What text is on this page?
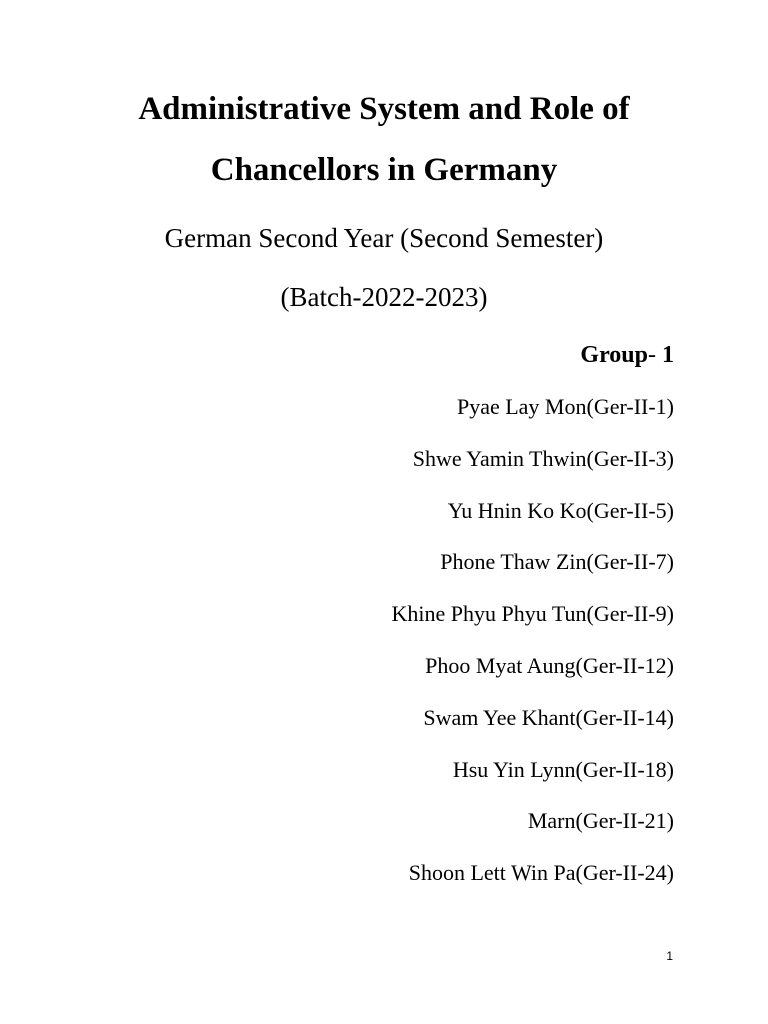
Administrative System and Role of
Chancellors in Germany
German Second Year (Second Semester)
(Batch-2022-2023)
Group- 1
Pyae Lay Mon(Ger-II-1)
Shwe Yamin Thwin(Ger-II-3)
Yu Hnin Ko Ko(Ger-II-5)
Phone Thaw Zin(Ger-II-7)
Khine Phyu Phyu Tun(Ger-II-9)
Phoo Myat Aung(Ger-II-12)
Swam Yee Khant(Ger-II-14)
Hsu Yin Lynn(Ger-II-18)
Marn(Ger-II-21)
Shoon Lett Win Pa(Ger-II-24)
1
